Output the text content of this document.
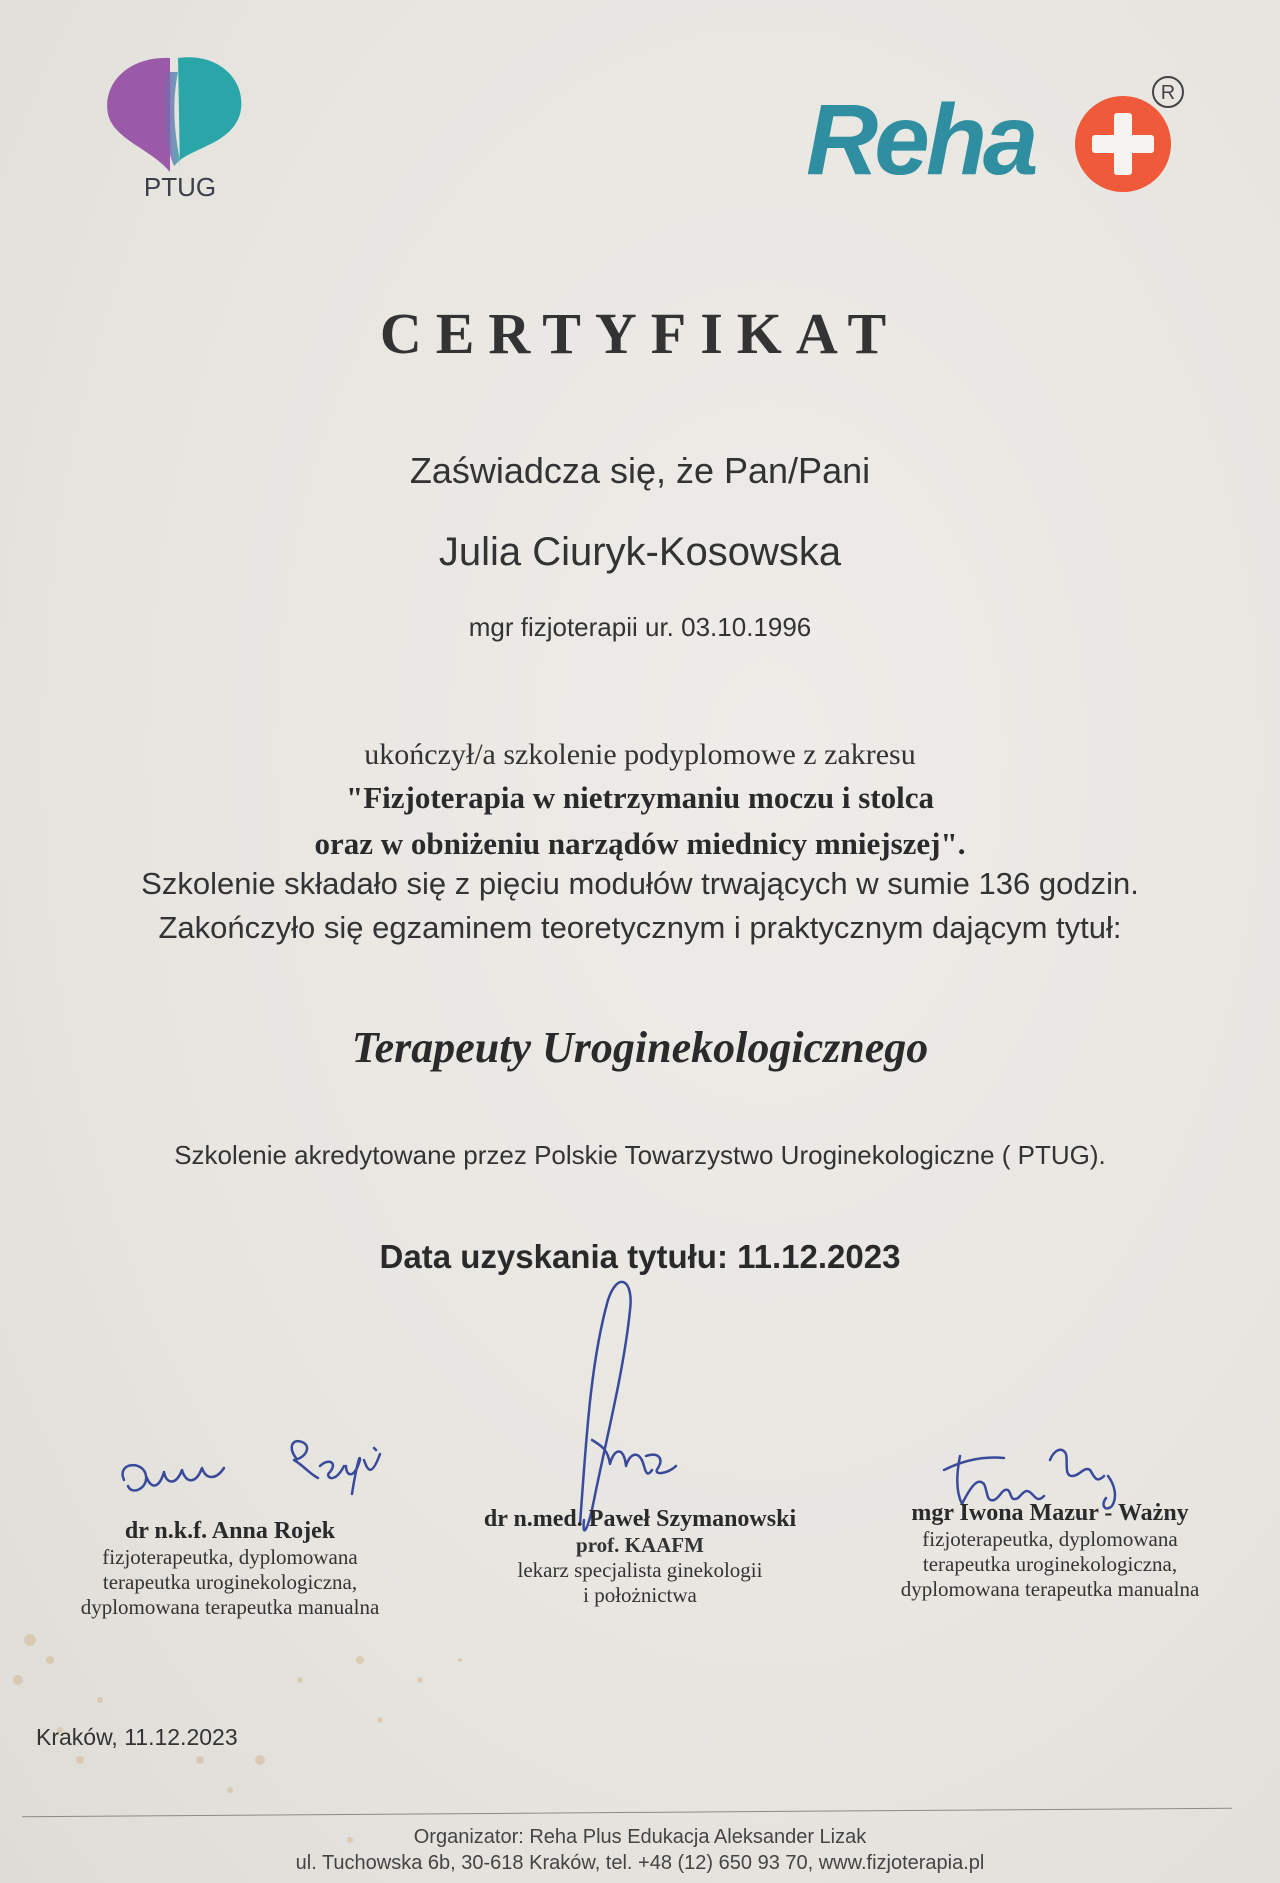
PTUG	Reha	R
CERTYFIKAT
Zaświadcza się, że Pan/Pani
Julia Ciuryk-Kosowska
mgr fizjoterapii ur. 03.10.1996
ukończył/a szkolenie podyplomowe z zakresu
"Fizjoterapia w nietrzymaniu moczu i stolca
oraz w obniżeniu narządów miednicy mniejszej".
Szkolenie składało się z pięciu modułów trwających w sumie 136 godzin.
Zakończyło się egzaminem teoretycznym i praktycznym dającym tytuł:
Terapeuty Uroginekologicznego
Szkolenie akredytowane przez Polskie Towarzystwo Uroginekologiczne ( PTUG).
Data uzyskania tytułu: 11.12.2023
dr n.k.f. Anna Rojek
fizjoterapeutka, dyplomowana
terapeutka uroginekologiczna,
dyplomowana terapeutka manualna
dr n.med. Paweł Szymanowski
prof. KAAFM
lekarz specjalista ginekologii
i położnictwa
mgr Iwona Mazur - Ważny
fizjoterapeutka, dyplomowana
terapeutka uroginekologiczna,
dyplomowana terapeutka manualna
Kraków, 11.12.2023
Organizator: Reha Plus Edukacja Aleksander Lizak
ul. Tuchowska 6b, 30-618 Kraków, tel. +48 (12) 650 93 70, www.fizjoterapia.pl
